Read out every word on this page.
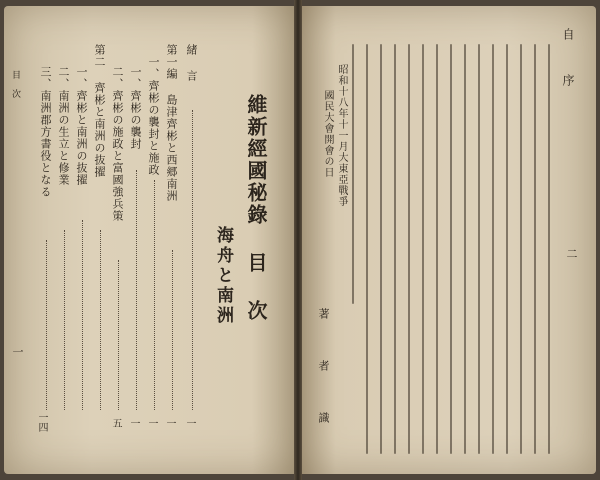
維新經國秘錄 目 次
海舟と南洲
緒 言
第一編 島津齊彬と西郷南洲
一、齊彬の襲封と施政
一、齊彬の襲封
二、齊彬の施政と富國強兵策
第二 齊彬と南洲の抜擢
一、齊彬と南洲の抜擢
二、南洲の生立と修業
三、南洲郡方書役となる
一
一
一
一
五
一四
目 次
一
自 序
二
昭和十八年十一月大東亞戰爭
國民大會開會の日
著 者 識
